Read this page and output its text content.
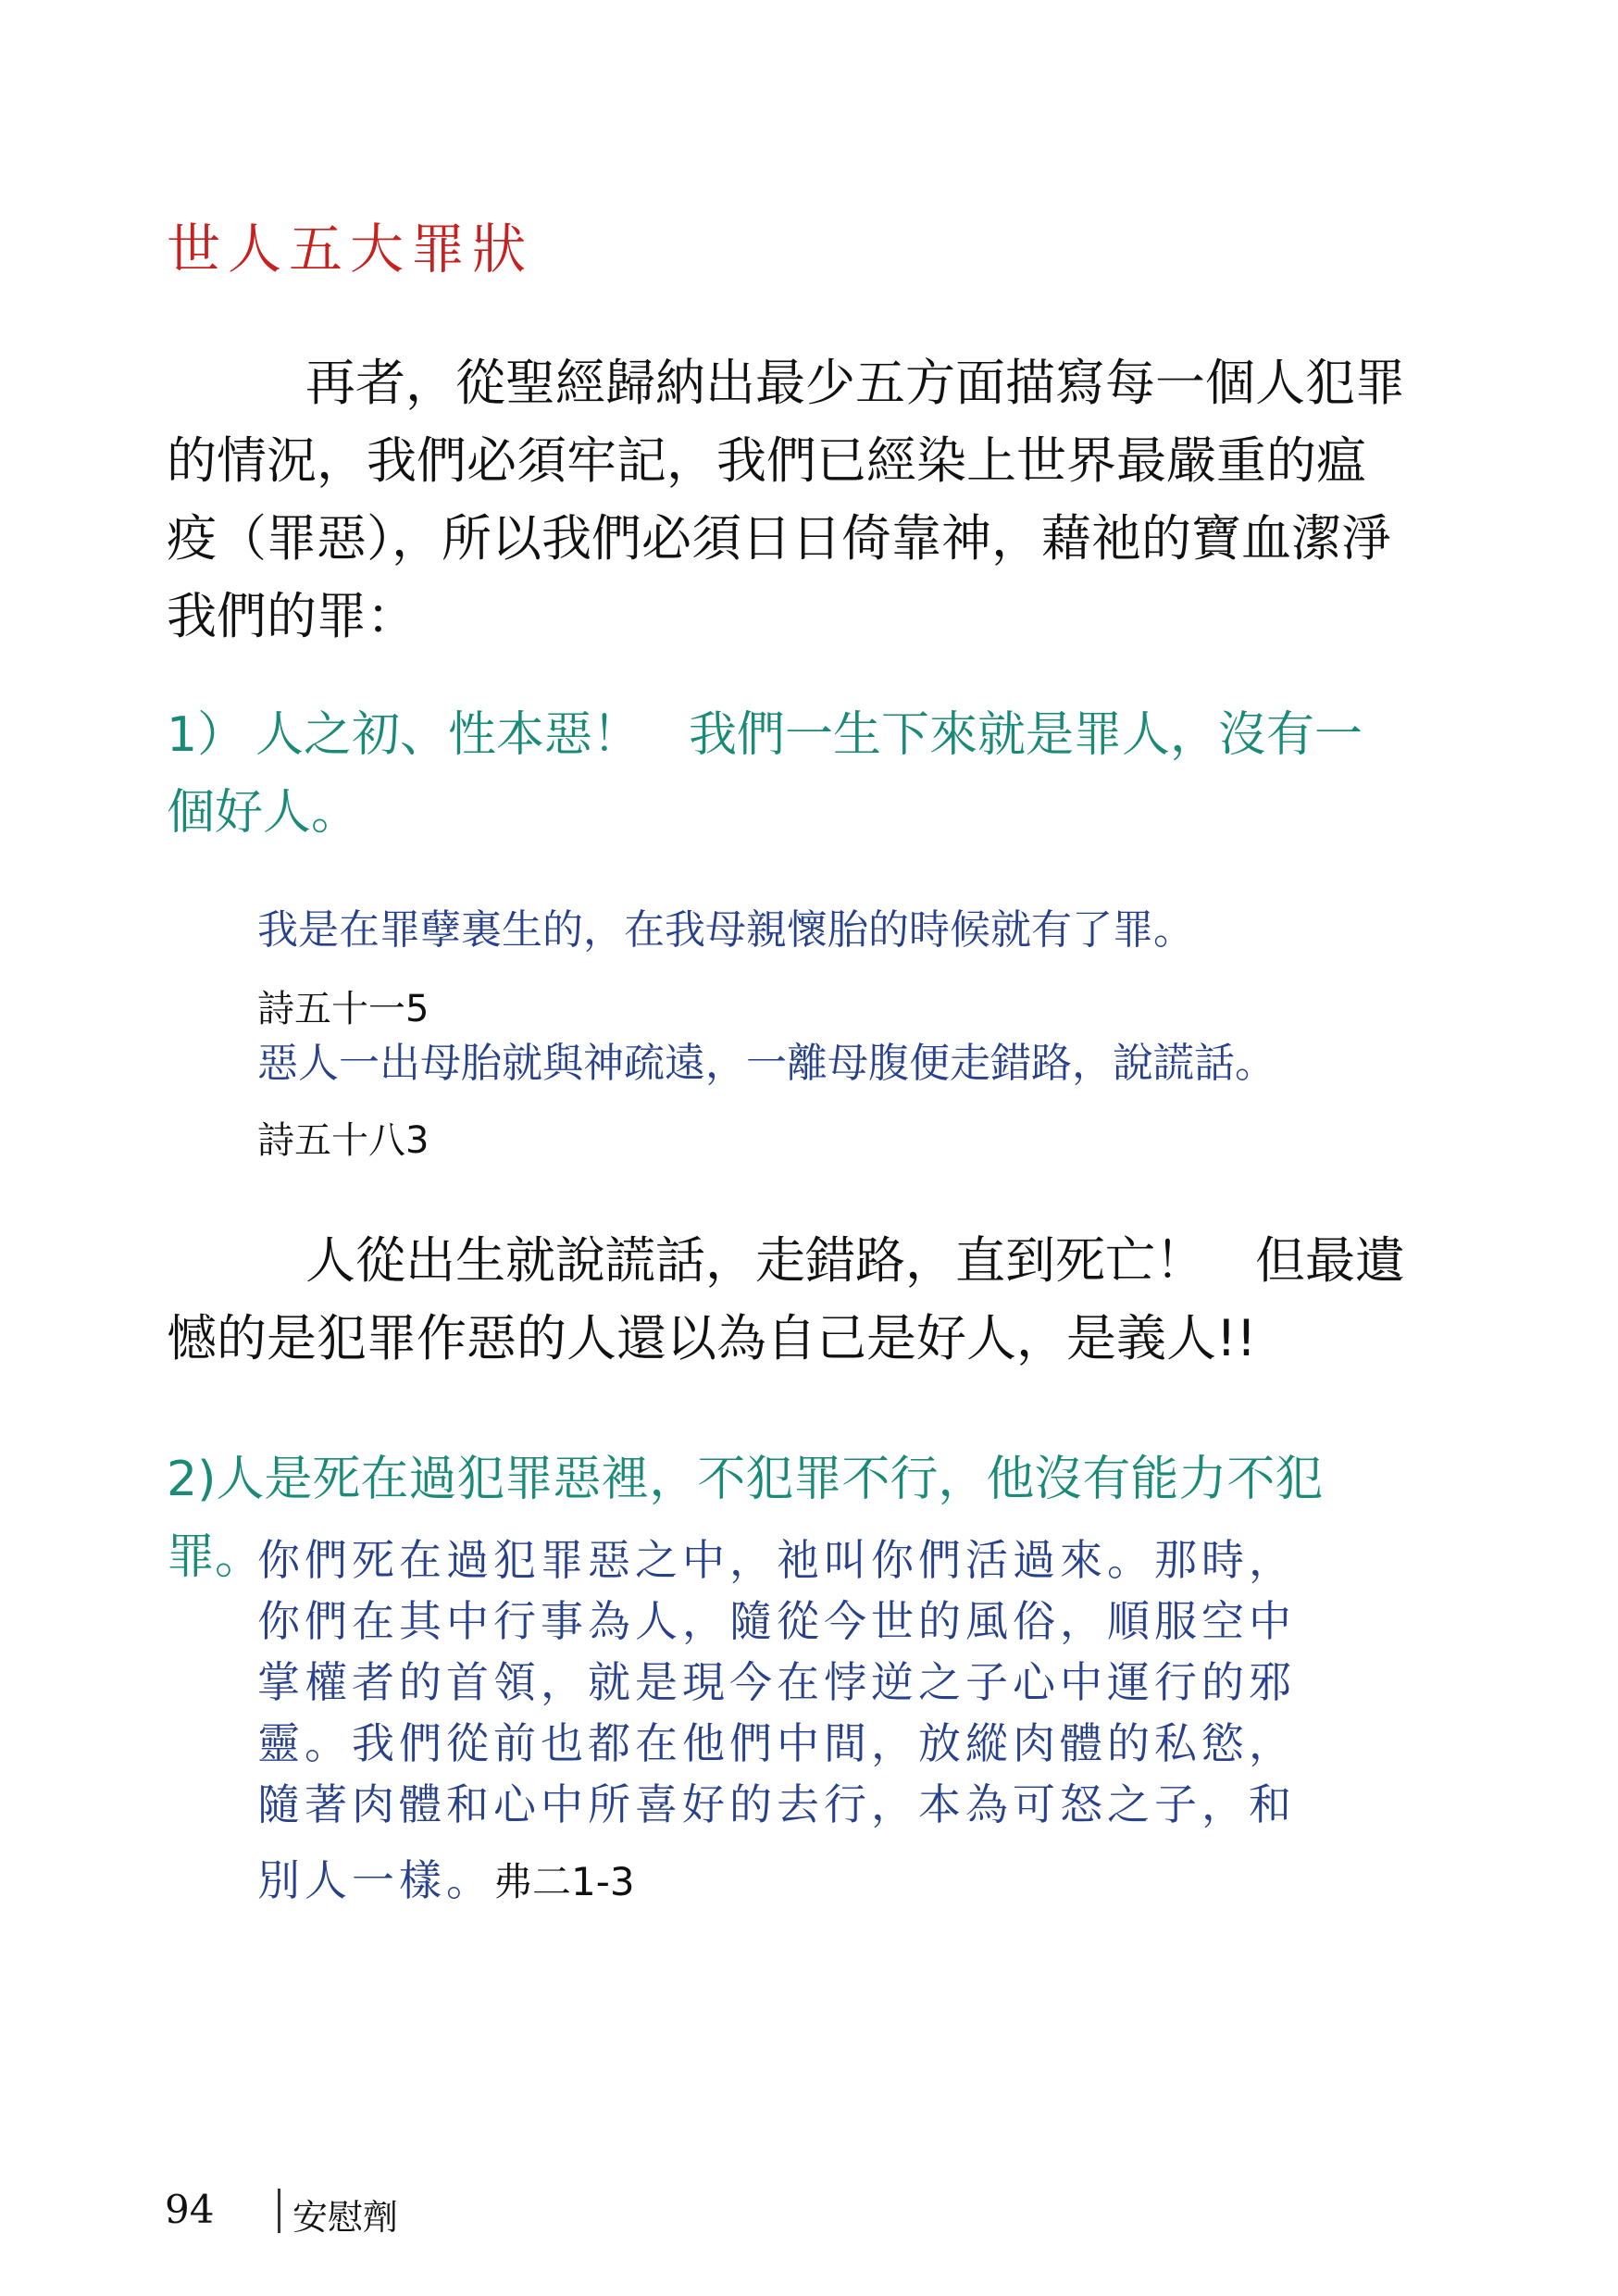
世人五大罪狀
再者，從聖經歸納出最少五方面描寫每一個人犯罪的情況，我們必須牢記，我們已經染上世界最嚴重的瘟疫（罪惡），所以我們必須日日倚靠神，藉祂的寶血潔淨我們的罪：
1） 人之初、性本惡！　我們一生下來就是罪人，沒有一個好人。
我是在罪孽裏生的，在我母親懷胎的時候就有了罪。
詩五十一5
惡人一出母胎就與神疏遠，一離母腹便走錯路，說謊話。
詩五十八3
人從出生就說謊話，走錯路，直到死亡！　但最遺憾的是犯罪作惡的人還以為自己是好人，是義人!!
2)人是死在過犯罪惡裡，不犯罪不行，他沒有能力不犯罪。
你們死在過犯罪惡之中，祂叫你們活過來。那時，
你們在其中行事為人，隨從今世的風俗，順服空中
掌權者的首領，就是現今在悖逆之子心中運行的邪
靈。我們從前也都在他們中間，放縱肉體的私慾，
隨著肉體和心中所喜好的去行，本為可怒之子，和
別人一樣。弗二1-3
94 安慰劑
